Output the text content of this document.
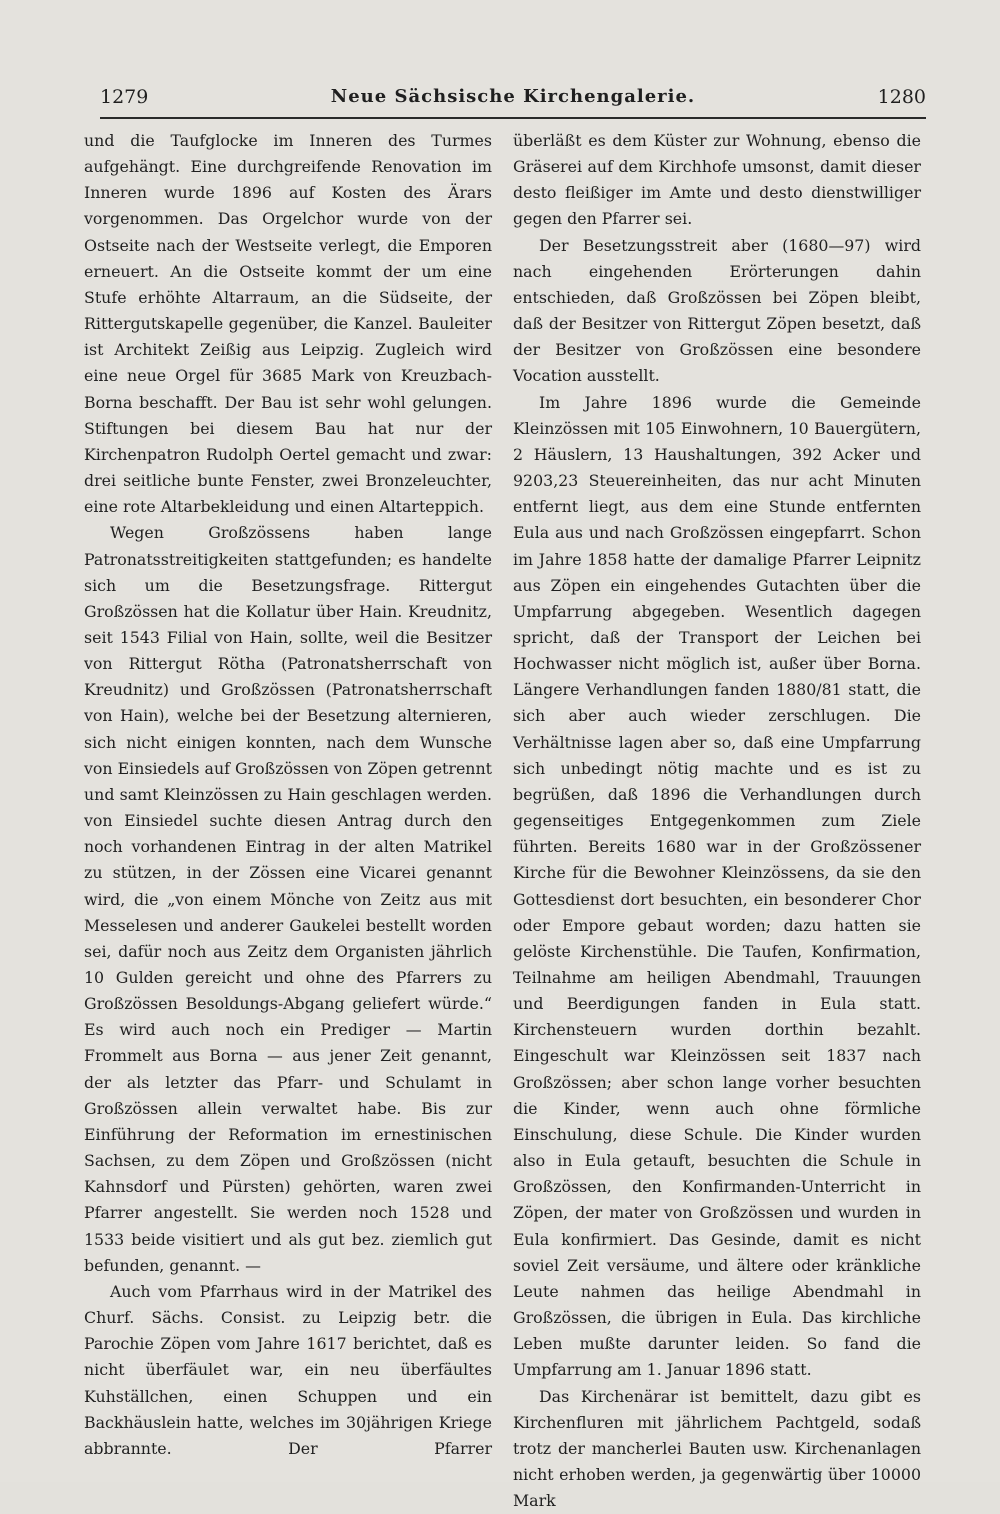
1279	Neue Sächsische Kirchengalerie.	1280

und die Taufglocke im Inneren des Turmes aufgehängt. Eine durchgreifende Renovation im Inneren wurde 1896 auf Kosten des Ärars vorgenommen. Das Orgelchor wurde von der Ostseite nach der Westseite verlegt, die Emporen erneuert. An die Ostseite kommt der um eine Stufe erhöhte Altarraum, an die Südseite, der Rittergutskapelle gegenüber, die Kanzel. Bauleiter ist Architekt Zeißig aus Leipzig. Zugleich wird eine neue Orgel für 3685 Mark von Kreuzbach-Borna beschafft. Der Bau ist sehr wohl gelungen. Stiftungen bei diesem Bau hat nur der Kirchenpatron Rudolph Oertel gemacht und zwar: drei seitliche bunte Fenster, zwei Bronzeleuchter, eine rote Altarbekleidung und einen Altarteppich.

Wegen Großzössens haben lange Patronatsstreitigkeiten stattgefunden; es handelte sich um die Besetzungsfrage. Rittergut Großzössen hat die Kollatur über Hain. Kreudnitz, seit 1543 Filial von Hain, sollte, weil die Besitzer von Rittergut Rötha (Patronatsherrschaft von Kreudnitz) und Großzössen (Patronatsherrschaft von Hain), welche bei der Besetzung alternieren, sich nicht einigen konnten, nach dem Wunsche von Einsiedels auf Großzössen von Zöpen getrennt und samt Kleinzössen zu Hain geschlagen werden. von Einsiedel suchte diesen Antrag durch den noch vorhandenen Eintrag in der alten Matrikel zu stützen, in der Zössen eine Vicarei genannt wird, die „von einem Mönche von Zeitz aus mit Messelesen und anderer Gaukelei bestellt worden sei, dafür noch aus Zeitz dem Organisten jährlich 10 Gulden gereicht und ohne des Pfarrers zu Großzössen Besoldungs-Abgang geliefert würde.“ Es wird auch noch ein Prediger — Martin Frommelt aus Borna — aus jener Zeit genannt, der als letzter das Pfarr- und Schulamt in Großzössen allein verwaltet habe. Bis zur Einführung der Reformation im ernestinischen Sachsen, zu dem Zöpen und Großzössen (nicht Kahnsdorf und Pürsten) gehörten, waren zwei Pfarrer angestellt. Sie werden noch 1528 und 1533 beide visitiert und als gut bez. ziemlich gut befunden, genannt. —

Auch vom Pfarrhaus wird in der Matrikel des Churf. Sächs. Consist. zu Leipzig betr. die Parochie Zöpen vom Jahre 1617 berichtet, daß es nicht überfäulet war, ein neu überfäultes Kuhställchen, einen Schuppen und ein Backhäuslein hatte, welches im 30jährigen Kriege abbrannte. Der Pfarrer

überläßt es dem Küster zur Wohnung, ebenso die Gräserei auf dem Kirchhofe umsonst, damit dieser desto fleißiger im Amte und desto dienstwilliger gegen den Pfarrer sei.

Der Besetzungsstreit aber (1680—97) wird nach eingehenden Erörterungen dahin entschieden, daß Großzössen bei Zöpen bleibt, daß der Besitzer von Rittergut Zöpen besetzt, daß der Besitzer von Großzössen eine besondere Vocation ausstellt.

Im Jahre 1896 wurde die Gemeinde Kleinzössen mit 105 Einwohnern, 10 Bauergütern, 2 Häuslern, 13 Haushaltungen, 392 Acker und 9203,23 Steuereinheiten, das nur acht Minuten entfernt liegt, aus dem eine Stunde entfernten Eula aus und nach Großzössen eingepfarrt. Schon im Jahre 1858 hatte der damalige Pfarrer Leipnitz aus Zöpen ein eingehendes Gutachten über die Umpfarrung abgegeben. Wesentlich dagegen spricht, daß der Transport der Leichen bei Hochwasser nicht möglich ist, außer über Borna. Längere Verhandlungen fanden 1880/81 statt, die sich aber auch wieder zerschlugen. Die Verhältnisse lagen aber so, daß eine Umpfarrung sich unbedingt nötig machte und es ist zu begrüßen, daß 1896 die Verhandlungen durch gegenseitiges Entgegenkommen zum Ziele führten. Bereits 1680 war in der Großzössener Kirche für die Bewohner Kleinzössens, da sie den Gottesdienst dort besuchten, ein besonderer Chor oder Empore gebaut worden; dazu hatten sie gelöste Kirchenstühle. Die Taufen, Konfirmation, Teilnahme am heiligen Abendmahl, Trauungen und Beerdigungen fanden in Eula statt. Kirchensteuern wurden dorthin bezahlt. Eingeschult war Kleinzössen seit 1837 nach Großzössen; aber schon lange vorher besuchten die Kinder, wenn auch ohne förmliche Einschulung, diese Schule. Die Kinder wurden also in Eula getauft, besuchten die Schule in Großzössen, den Konfirmanden-Unterricht in Zöpen, der mater von Großzössen und wurden in Eula konfirmiert. Das Gesinde, damit es nicht soviel Zeit versäume, und ältere oder kränkliche Leute nahmen das heilige Abendmahl in Großzössen, die übrigen in Eula. Das kirchliche Leben mußte darunter leiden. So fand die Umpfarrung am 1. Januar 1896 statt.

Das Kirchenärar ist bemittelt, dazu gibt es Kirchenfluren mit jährlichem Pachtgeld, sodaß trotz der mancherlei Bauten usw. Kirchenanlagen nicht erhoben werden, ja gegenwärtig über 10000 Mark
